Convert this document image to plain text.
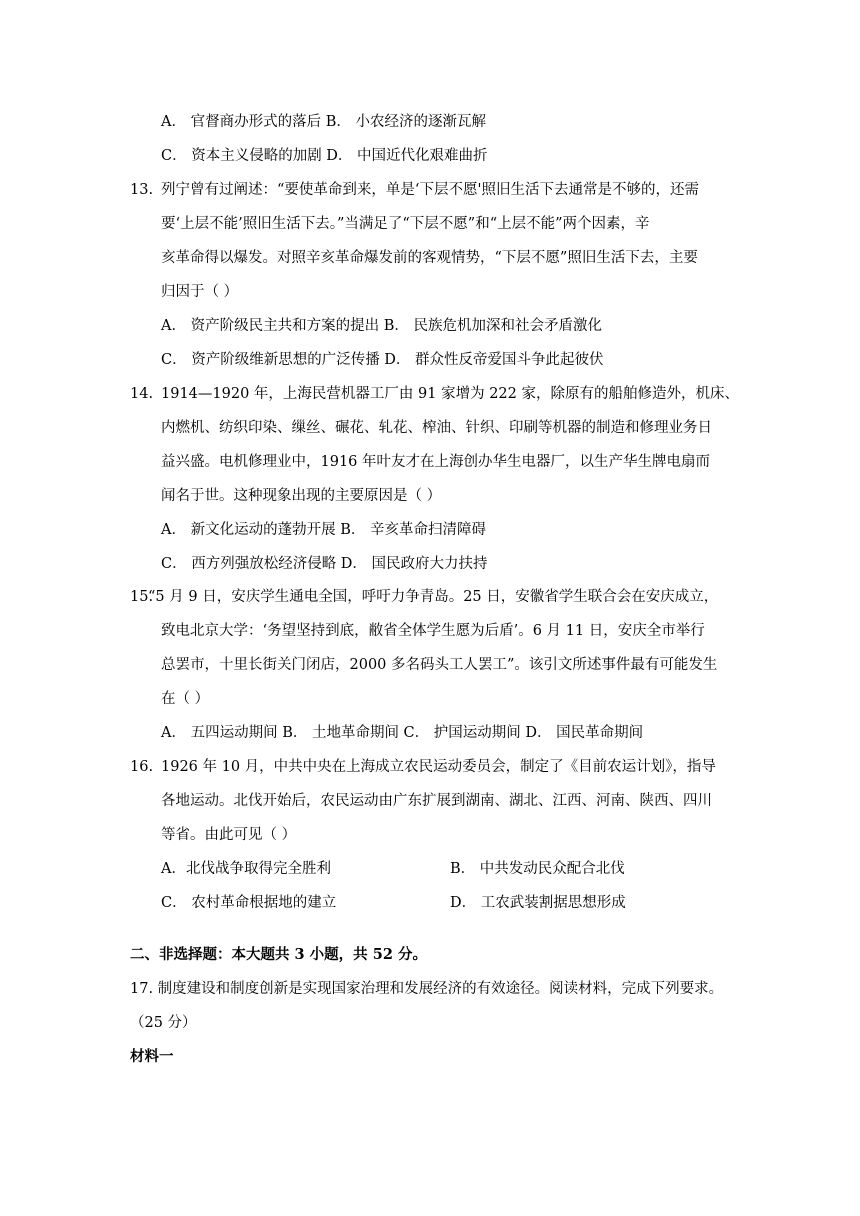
A． 官督商办形式的落后 B． 小农经济的逐渐瓦解
C． 资本主义侵略的加剧 D． 中国近代化艰难曲折
13. 列宁曾有过阐述：“要使革命到来，单是‘下层不愿'照旧生活下去通常是不够的，还需
要‘上层不能’照旧生活下去。”当满足了“下层不愿”和“上层不能”两个因素，辛
亥革命得以爆发。对照辛亥革命爆发前的客观情势，“下层不愿”照旧生活下去，主要
归因于（ ）
A． 资产阶级民主共和方案的提出 B． 民族危机加深和社会矛盾激化
C． 资产阶级维新思想的广泛传播 D． 群众性反帝爱国斗争此起彼伏
14. 1914—1920 年，上海民营机器工厂由 91 家增为 222 家，除原有的船舶修造外，机床、
内燃机、纺织印染、缫丝、碾花、轧花、榨油、针织、印刷等机器的制造和修理业务日
益兴盛。电机修理业中，1916 年叶友才在上海创办华生电器厂，以生产华生牌电扇而
闻名于世。这种现象出现的主要原因是（ ）
A． 新文化运动的蓬勃开展 B． 辛亥革命扫清障碍
C． 西方列强放松经济侵略 D． 国民政府大力扶持
15.
“5 月 9 日，安庆学生通电全国，呼吁力争青岛。25 日，安徽省学生联合会在安庆成立，
致电北京大学：‘务望坚持到底，敝省全体学生愿为后盾’。6 月 11 日，安庆全市举行
总罢市，十里长街关门闭店，2000 多名码头工人罢工”。该引文所述事件最有可能发生
在（ ）
A． 五四运动期间 B． 土地革命期间 C． 护国运动期间 D． 国民革命期间
16. 1926 年 10 月，中共中央在上海成立农民运动委员会，制定了《目前农运计划》，指导
各地运动。北伐开始后，农民运动由广东扩展到湖南、湖北、江西、河南、陕西、四川
等省。由此可见（ ）
A．北伐战争取得完全胜利	B． 中共发动民众配合北伐
C． 农村革命根据地的建立	D． 工农武装割据思想形成
二、非选择题：本大题共 3 小题，共 52 分。
17. 制度建设和制度创新是实现国家治理和发展经济的有效途径。阅读材料，完成下列要求。
（25 分）
材料一
